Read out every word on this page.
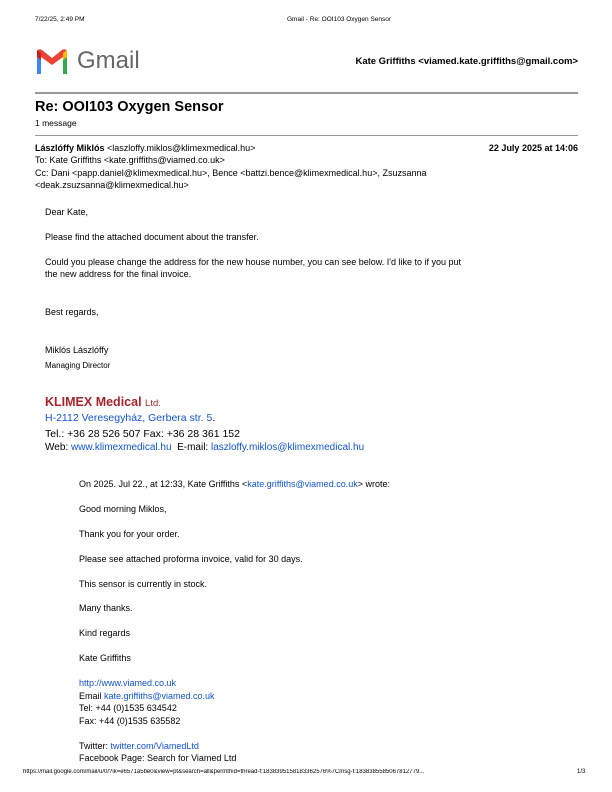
7/22/25, 2:49 PM	Gmail - Re: OOI103 Oxygen Sensor
Gmail	Kate Griffiths <viamed.kate.griffiths@gmail.com>
Re: OOI103 Oxygen Sensor
1 message
Lászlóffy Miklós <laszloffy.miklos@klimexmedical.hu>	22 July 2025 at 14:06
To: Kate Griffiths <kate.griffiths@viamed.co.uk>
Cc: Dani <papp.daniel@klimexmedical.hu>, Bence <battzi.bence@klimexmedical.hu>, Zsuzsanna
<deak.zsuzsanna@klimexmedical.hu>
Dear Kate,
Please find the attached document about the transfer.
Could you please change the address for the new house number, you can see below. I'd like to if you put
the new address for the final invoice.
Best regards,
Miklós Lászlóffy
Managing Director
KLIMEX Medical Ltd.
H-2112 Veresegyház, Gerbera str. 5.
Tel.: +36 28 526 507 Fax: +36 28 361 152
Web: www.klimexmedical.hu  E-mail: laszloffy.miklos@klimexmedical.hu
On 2025. Jul 22., at 12:33, Kate Griffiths <kate.griffiths@viamed.co.uk> wrote:
Good morning Miklos,
Thank you for your order.
Please see attached proforma invoice, valid for 30 days.
This sensor is currently in stock.
Many thanks.
Kind regards
Kate Griffiths
http://www.viamed.co.uk
Email kate.griffiths@viamed.co.uk
Tel: +44 (0)1535 634542
Fax: +44 (0)1535 635582
Twitter: twitter.com/ViamedLtd
Facebook Page: Search for Viamed Ltd
https://mail.google.com/mail/u/0/?ik=e6571a5be0&view=pt&search=all&permthid=thread-f:1838395158183362576%7Cmsg-f:1838385585067812779...	1/3
